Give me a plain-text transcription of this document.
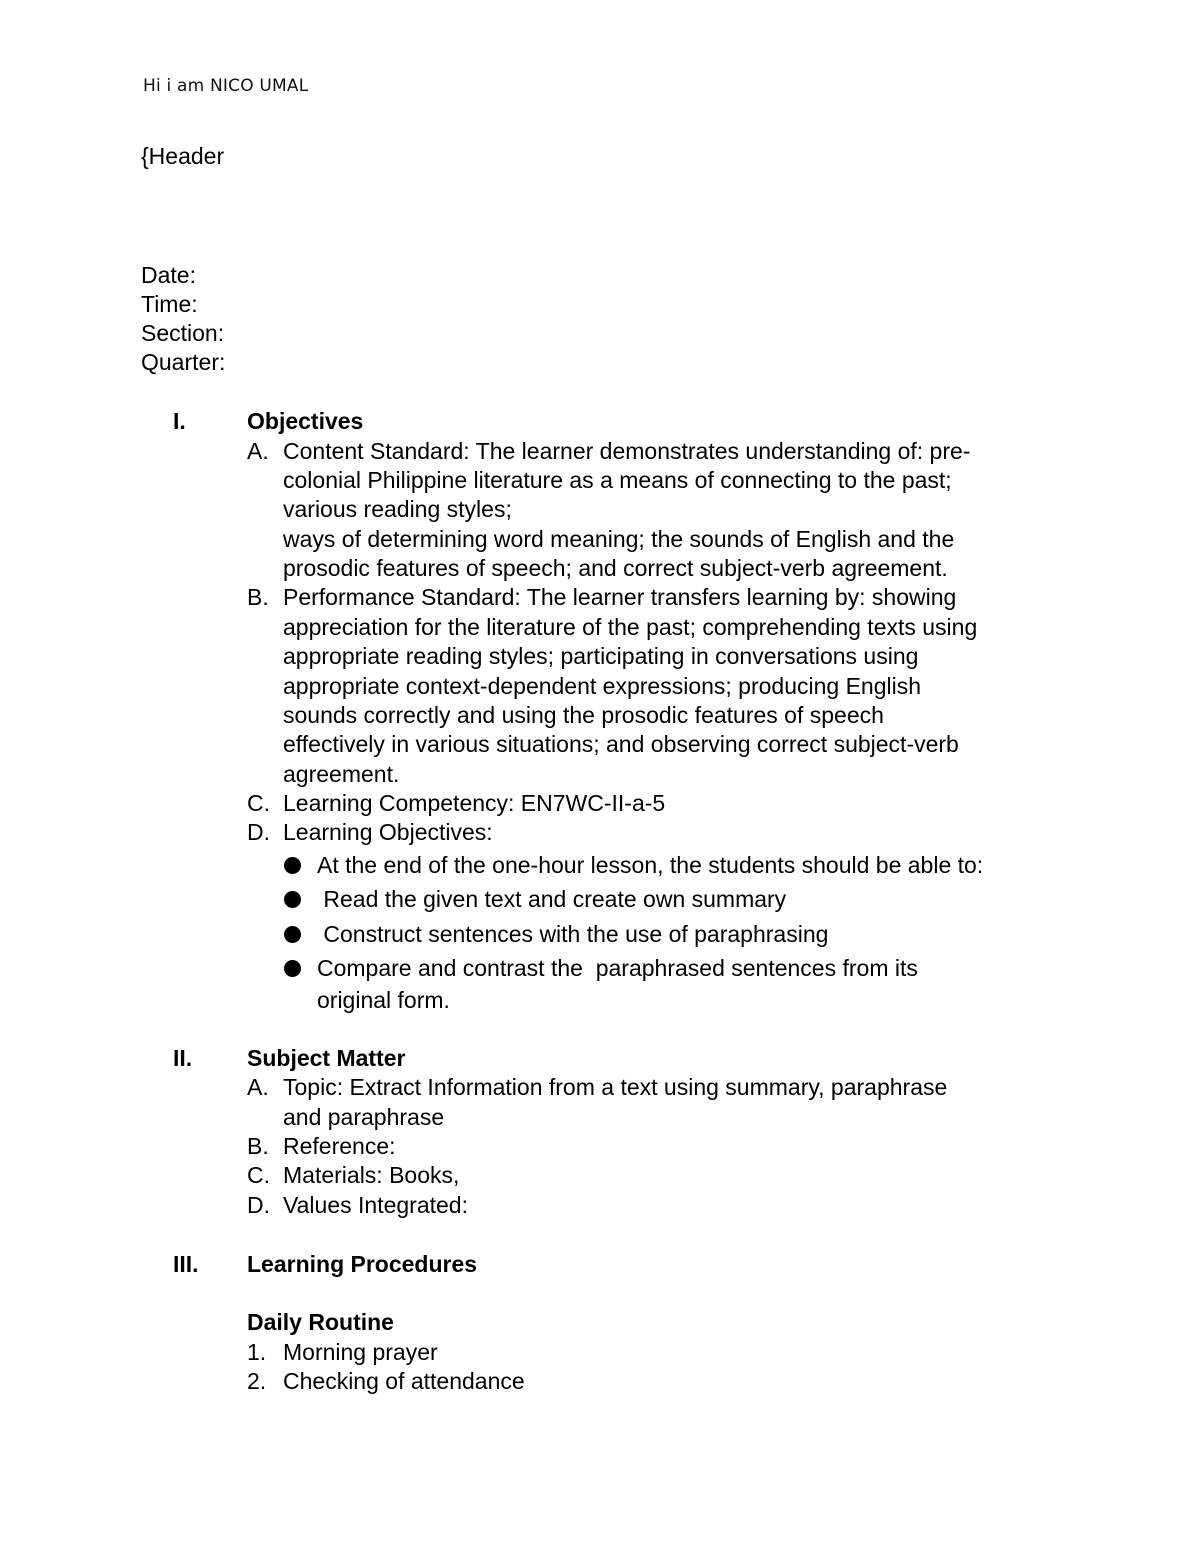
Hi i am NICO UMAL
{Header
Date:
Time:
Section:
Quarter:
I.	Objectives
A. Content Standard: The learner demonstrates understanding of: pre-
colonial Philippine literature as a means of connecting to the past;
various reading styles;
ways of determining word meaning; the sounds of English and the
prosodic features of speech; and correct subject-verb agreement.
B. Performance Standard: The learner transfers learning by: showing
appreciation for the literature of the past; comprehending texts using
appropriate reading styles; participating in conversations using
appropriate context-dependent expressions; producing English
sounds correctly and using the prosodic features of speech
effectively in various situations; and observing correct subject-verb
agreement.
C. Learning Competency: EN7WC-II-a-5
D. Learning Objectives:
At the end of the one-hour lesson, the students should be able to:
Read the given text and create own summary
Construct sentences with the use of paraphrasing
Compare and contrast the  paraphrased sentences from its
original form.
II. Subject Matter
A. Topic: Extract Information from a text using summary, paraphrase
and paraphrase
B. Reference:
C. Materials: Books,
D. Values Integrated:
III. Learning Procedures
Daily Routine
1. Morning prayer
2. Checking of attendance
